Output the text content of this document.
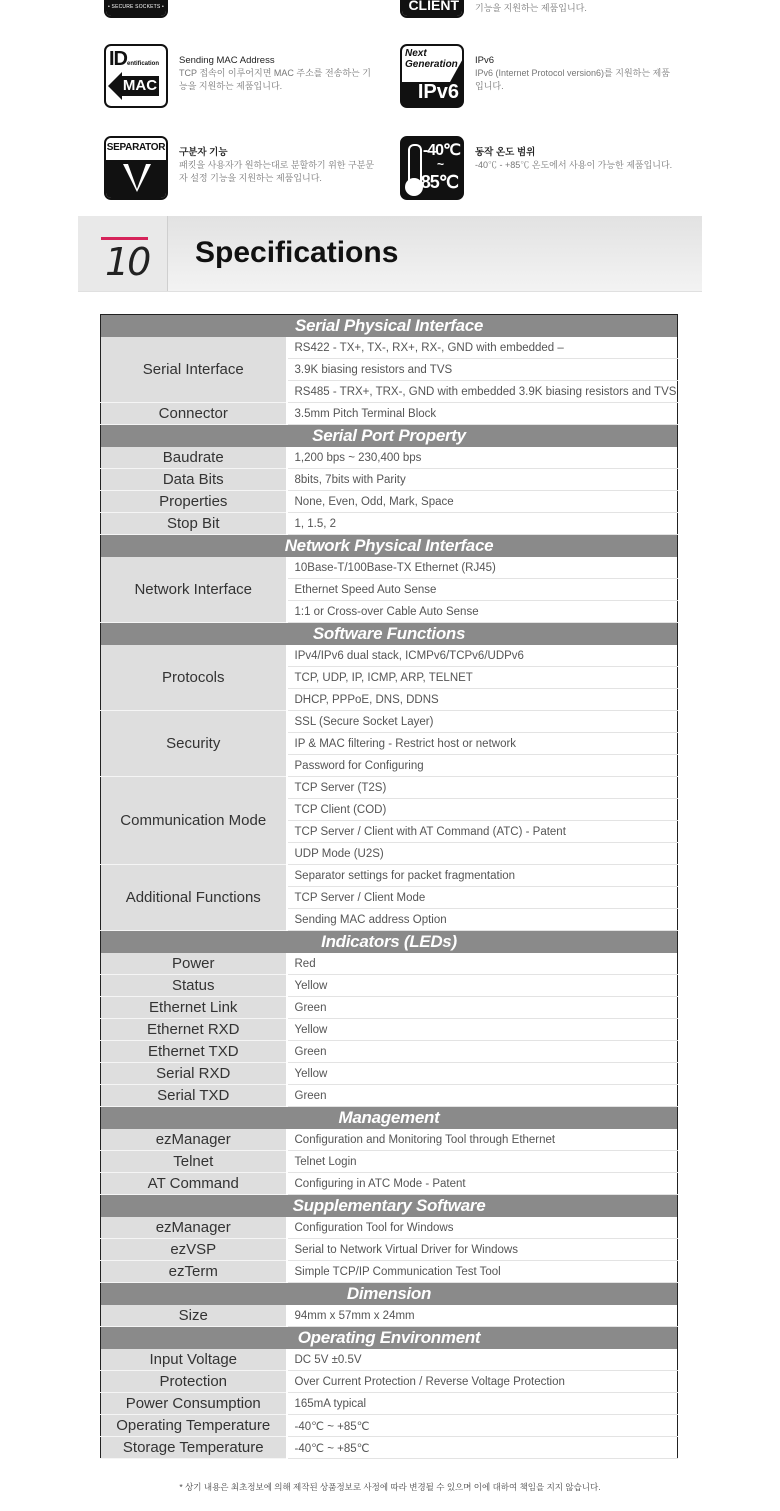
• SECURE SOCKETS •	CLIENT	기능을 지원하는 제품입니다.
IDentification
MAC
Sending MAC Address
TCP 접속이 이루어지면 MAC 주소를 전송하는 기능을 지원하는 제품입니다.
Next Generation
IPv6
IPv6
IPv6 (Internet Protocol version6)를 지원하는 제품입니다.
SEPARATOR 구분자 기능
패킷을 사용자가 원하는대로 분할하기 위한 구분문자 설정 기능을 지원하는 제품입니다.
-40℃
~
85℃
동작 온도 범위
-40℃ - +85℃ 온도에서 사용이 가능한 제품입니다.
10 Specifications
Serial Physical Interface	
Serial Interface	RS422 - TX+, TX-, RX+, RX-, GND with embedded –
	3.9K biasing resistors and TVS
	RS485 - TRX+, TRX-, GND with embedded 3.9K biasing resistors and TVS
Connector	3.5mm Pitch Terminal Block
Serial Port Property	
Baudrate	1,200 bps ~ 230,400 bps
Data Bits	8bits, 7bits with Parity
Properties	None, Even, Odd, Mark, Space
Stop Bit	1, 1.5, 2
Network Physical Interface	
Network Interface	10Base-T/100Base-TX Ethernet (RJ45)
	Ethernet Speed Auto Sense
	1:1 or Cross-over Cable Auto Sense
Software Functions	
Protocols	IPv4/IPv6 dual stack, ICMPv6/TCPv6/UDPv6
	TCP, UDP, IP, ICMP, ARP, TELNET
	DHCP, PPPoE, DNS, DDNS
Security	SSL (Secure Socket Layer)
	IP & MAC filtering - Restrict host or network
	Password for Configuring
Communication Mode	TCP Server (T2S)
	TCP Client (COD)
	TCP Server / Client with AT Command (ATC) - Patent
	UDP Mode (U2S)
Additional Functions	Separator settings for packet fragmentation
	TCP Server / Client Mode
	Sending MAC address Option
Indicators (LEDs)	
Power	Red
Status	Yellow
Ethernet Link	Green
Ethernet RXD	Yellow
Ethernet TXD	Green
Serial RXD	Yellow
Serial TXD	Green
Management	
ezManager	Configuration and Monitoring Tool through Ethernet
Telnet	Telnet Login
AT Command	Configuring in ATC Mode - Patent
Supplementary Software	
ezManager	Configuration Tool for Windows
ezVSP	Serial to Network Virtual Driver for Windows
ezTerm	Simple TCP/IP Communication Test Tool
Dimension	
Size	94mm x 57mm x 24mm
Operating Environment	
Input Voltage	DC 5V ±0.5V
Protection	Over Current Protection / Reverse Voltage Protection
Power Consumption	165mA typical
Operating Temperature	-40℃ ~ +85℃
Storage Temperature	-40℃ ~ +85℃
* 상기 내용은 최초정보에 의해 제작된 상품정보로 사정에 따라 변경될 수 있으며 이에 대하여 책임을 지지 않습니다.
